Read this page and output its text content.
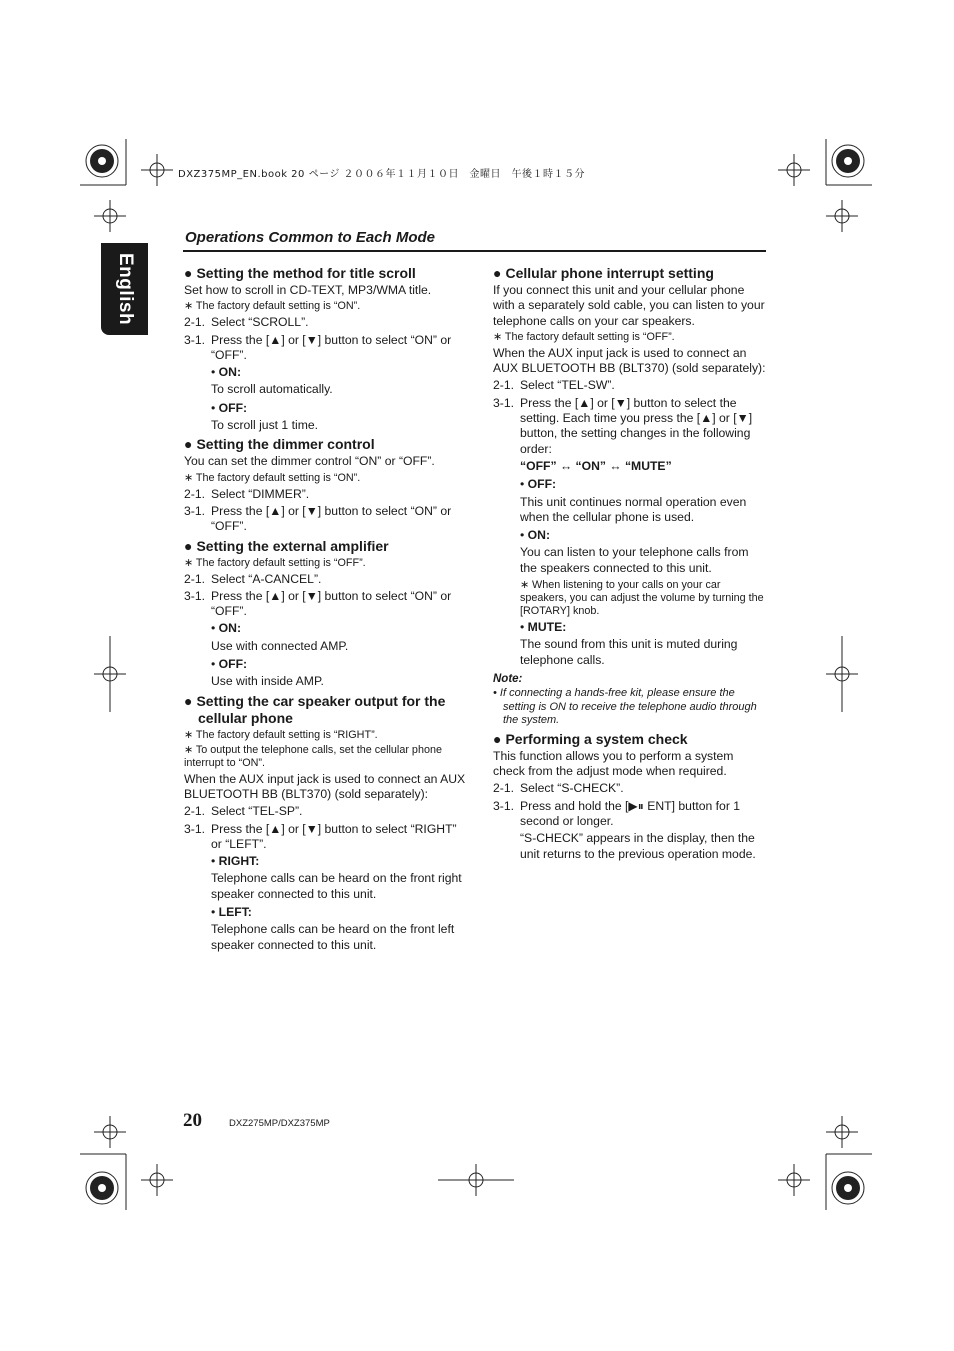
DXZ375MP_EN.book 20 ページ ２００６年１１月１０日　金曜日　午後１時１５分
English
Operations Common to Each Mode
● Setting the method for title scroll
Set how to scroll in CD-TEXT, MP3/WMA title.
∗ The factory default setting is “ON”.
2-1. Select “SCROLL”.
3-1. Press the [▲] or [▼] button to select “ON” or “OFF”.
• ON:
To scroll automatically.
• OFF:
To scroll just 1 time.
● Setting the dimmer control
You can set the dimmer control “ON” or “OFF”.
∗ The factory default setting is “ON”.
2-1. Select “DIMMER”.
3-1. Press the [▲] or [▼] button to select “ON” or “OFF”.
● Setting the external amplifier
∗ The factory default setting is “OFF”.
2-1. Select “A-CANCEL”.
3-1. Press the [▲] or [▼] button to select “ON” or “OFF”.
• ON:
Use with connected AMP.
• OFF:
Use with inside AMP.
● Setting the car speaker output for the cellular phone
∗ The factory default setting is “RIGHT”.
∗ To output the telephone calls, set the cellular phone interrupt to “ON”.
When the AUX input jack is used to connect an AUX BLUETOOTH BB (BLT370) (sold separately):
2-1. Select “TEL-SP”.
3-1. Press the [▲] or [▼] button to select “RIGHT” or “LEFT”.
• RIGHT:
Telephone calls can be heard on the front right speaker connected to this unit.
• LEFT:
Telephone calls can be heard on the front left speaker connected to this unit.
● Cellular phone interrupt setting
If you connect this unit and your cellular phone with a separately sold cable, you can listen to your telephone calls on your car speakers.
∗ The factory default setting is “OFF”.
When the AUX input jack is used to connect an AUX BLUETOOTH BB (BLT370) (sold separately):
2-1. Select “TEL-SW”.
3-1. Press the [▲] or [▼] button to select the setting. Each time you press the [▲] or [▼] button, the setting changes in the following order:
“OFF” ↔ “ON” ↔ “MUTE”
• OFF:
This unit continues normal operation even when the cellular phone is used.
• ON:
You can listen to your telephone calls from the speakers connected to this unit.
∗ When listening to your calls on your car speakers, you can adjust the volume by turning the [ROTARY] knob.
• MUTE:
The sound from this unit is muted during telephone calls.
Note:
• If connecting a hands-free kit, please ensure the setting is ON to receive the telephone audio through the system.
● Performing a system check
This function allows you to perform a system check from the adjust mode when required.
2-1. Select “S-CHECK”.
3-1. Press and hold the [▶⏸ ENT] button for 1 second or longer.
“S-CHECK” appears in the display, then the unit returns to the previous operation mode.
20	DXZ275MP/DXZ375MP
